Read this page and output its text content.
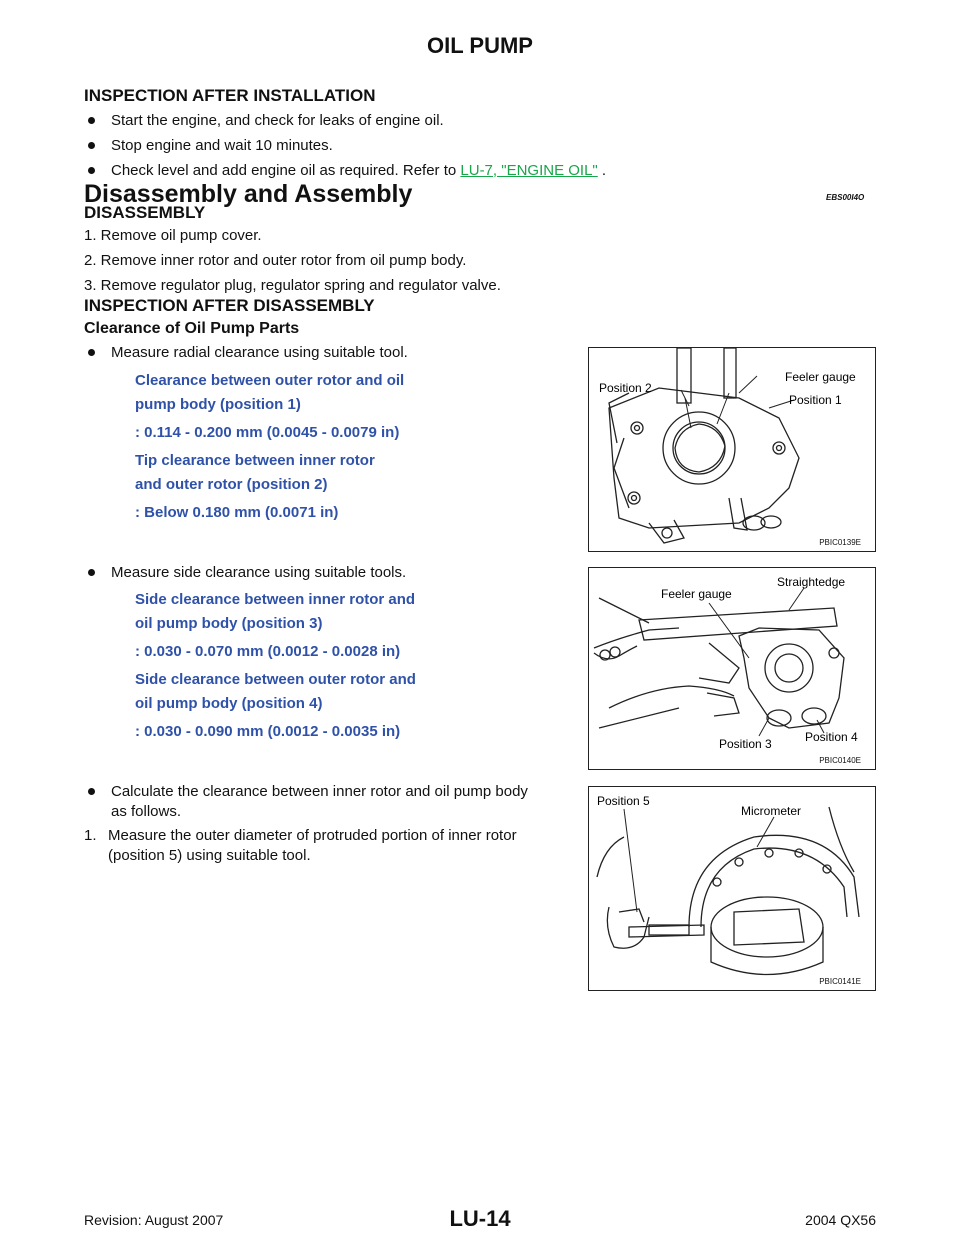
OIL PUMP
INSPECTION AFTER INSTALLATION
Start the engine, and check for leaks of engine oil.
Stop engine and wait 10 minutes.
Check level and add engine oil as required. Refer to LU-7, "ENGINE OIL" .
Disassembly and Assembly	EBS00I4O
DISASSEMBLY
1. Remove oil pump cover.
2. Remove inner rotor and outer rotor from oil pump body.
3. Remove regulator plug, regulator spring and regulator valve.
INSPECTION AFTER DISASSEMBLY
Clearance of Oil Pump Parts
Measure radial clearance using suitable tool.
Clearance between outer rotor and oil
pump body (position 1)
: 0.114 - 0.200 mm (0.0045 - 0.0079 in)
Tip clearance between inner rotor
and outer rotor (position 2)
: Below 0.180 mm (0.0071 in)
Feeler gauge
Position 1
Position 2
PBIC0139E
Measure side clearance using suitable tools.
Side clearance between inner rotor and
oil pump body (position 3)
: 0.030 - 0.070 mm (0.0012 - 0.0028 in)
Side clearance between outer rotor and
oil pump body (position 4)
: 0.030 - 0.090 mm (0.0012 - 0.0035 in)
Feeler gauge
Straightedge
Position 3	Position 4
PBIC0140E
Calculate the clearance between inner rotor and oil pump body
as follows.
1. Measure the outer diameter of protruded portion of inner rotor
(position 5) using suitable tool.
Position 5
Micrometer
PBIC0141E
Revision: August 2007	LU-14	2004 QX56
